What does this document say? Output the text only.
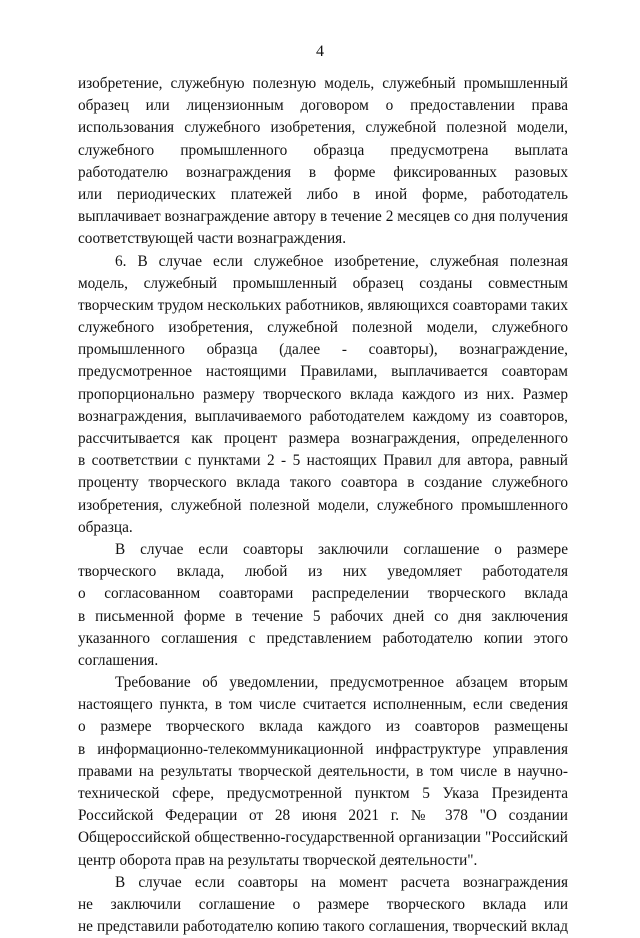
4
изобретение, служебную полезную модель, служебный промышленный
образец или лицензионным договором о предоставлении права
использования служебного изобретения, служебной полезной модели,
служебного промышленного образца предусмотрена выплата
работодателю вознаграждения в форме фиксированных разовых
или периодических платежей либо в иной форме, работодатель
выплачивает вознаграждение автору в течение 2 месяцев со дня получения
соответствующей части вознаграждения.
6. В случае если служебное изобретение, служебная полезная
модель, служебный промышленный образец созданы совместным
творческим трудом нескольких работников, являющихся соавторами таких
служебного изобретения, служебной полезной модели, служебного
промышленного образца (далее - соавторы), вознаграждение,
предусмотренное настоящими Правилами, выплачивается соавторам
пропорционально размеру творческого вклада каждого из них. Размер
вознаграждения, выплачиваемого работодателем каждому из соавторов,
рассчитывается как процент размера вознаграждения, определенного
в соответствии с пунктами 2 - 5 настоящих Правил для автора, равный
проценту творческого вклада такого соавтора в создание служебного
изобретения, служебной полезной модели, служебного промышленного
образца.
В случае если соавторы заключили соглашение о размере
творческого вклада, любой из них уведомляет работодателя
о согласованном соавторами распределении творческого вклада
в письменной форме в течение 5 рабочих дней со дня заключения
указанного соглашения с представлением работодателю копии этого
соглашения.
Требование об уведомлении, предусмотренное абзацем вторым
настоящего пункта, в том числе считается исполненным, если сведения
о размере творческого вклада каждого из соавторов размещены
в информационно-телекоммуникационной инфраструктуре управления
правами на результаты творческой деятельности, в том числе в научно-
технической сфере, предусмотренной пунктом 5 Указа Президента
Российской Федерации от 28 июня 2021 г. № 378 "О создании
Общероссийской общественно-государственной организации "Российский
центр оборота прав на результаты творческой деятельности".
В случае если соавторы на момент расчета вознаграждения
не заключили соглашение о размере творческого вклада или
не представили работодателю копию такого соглашения, творческий вклад
